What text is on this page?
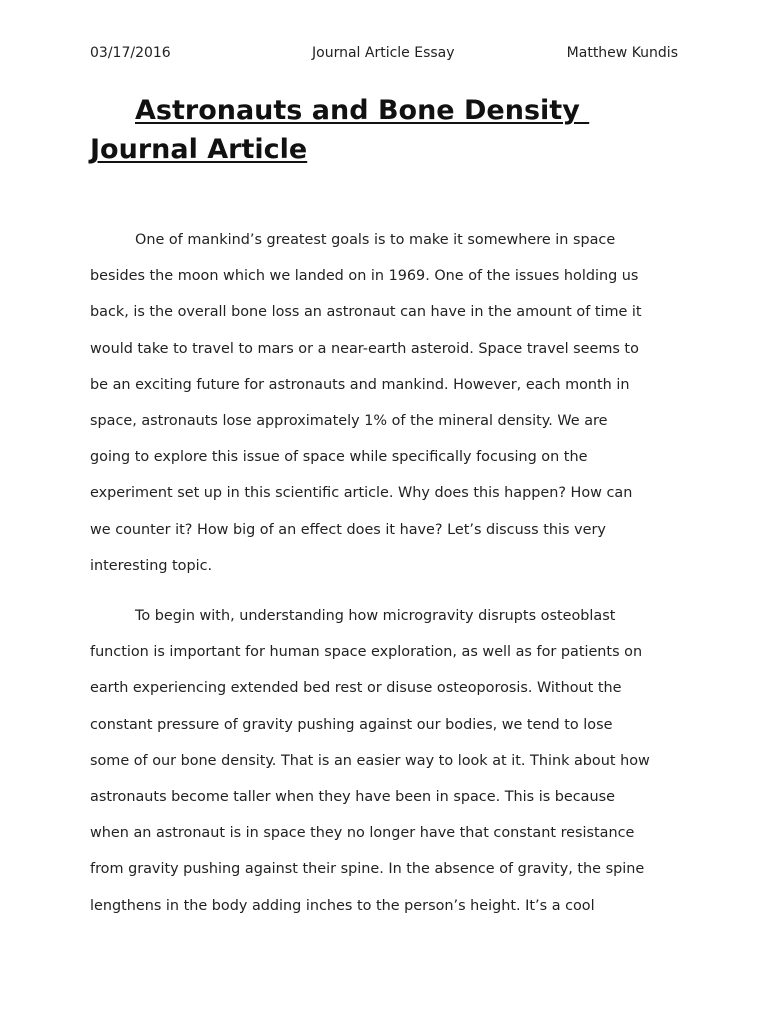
03/17/2016	Journal Article Essay	Matthew Kundis
Astronauts and Bone Density
Journal Article
One of mankind’s greatest goals is to make it somewhere in space
besides the moon which we landed on in 1969. One of the issues holding us
back, is the overall bone loss an astronaut can have in the amount of time it
would take to travel to mars or a near-earth asteroid. Space travel seems to
be an exciting future for astronauts and mankind. However, each month in
space, astronauts lose approximately 1% of the mineral density. We are
going to explore this issue of space while specifically focusing on the
experiment set up in this scientific article. Why does this happen? How can
we counter it? How big of an effect does it have? Let’s discuss this very
interesting topic.
To begin with, understanding how microgravity disrupts osteoblast
function is important for human space exploration, as well as for patients on
earth experiencing extended bed rest or disuse osteoporosis. Without the
constant pressure of gravity pushing against our bodies, we tend to lose
some of our bone density. That is an easier way to look at it. Think about how
astronauts become taller when they have been in space. This is because
when an astronaut is in space they no longer have that constant resistance
from gravity pushing against their spine. In the absence of gravity, the spine
lengthens in the body adding inches to the person’s height. It’s a cool
